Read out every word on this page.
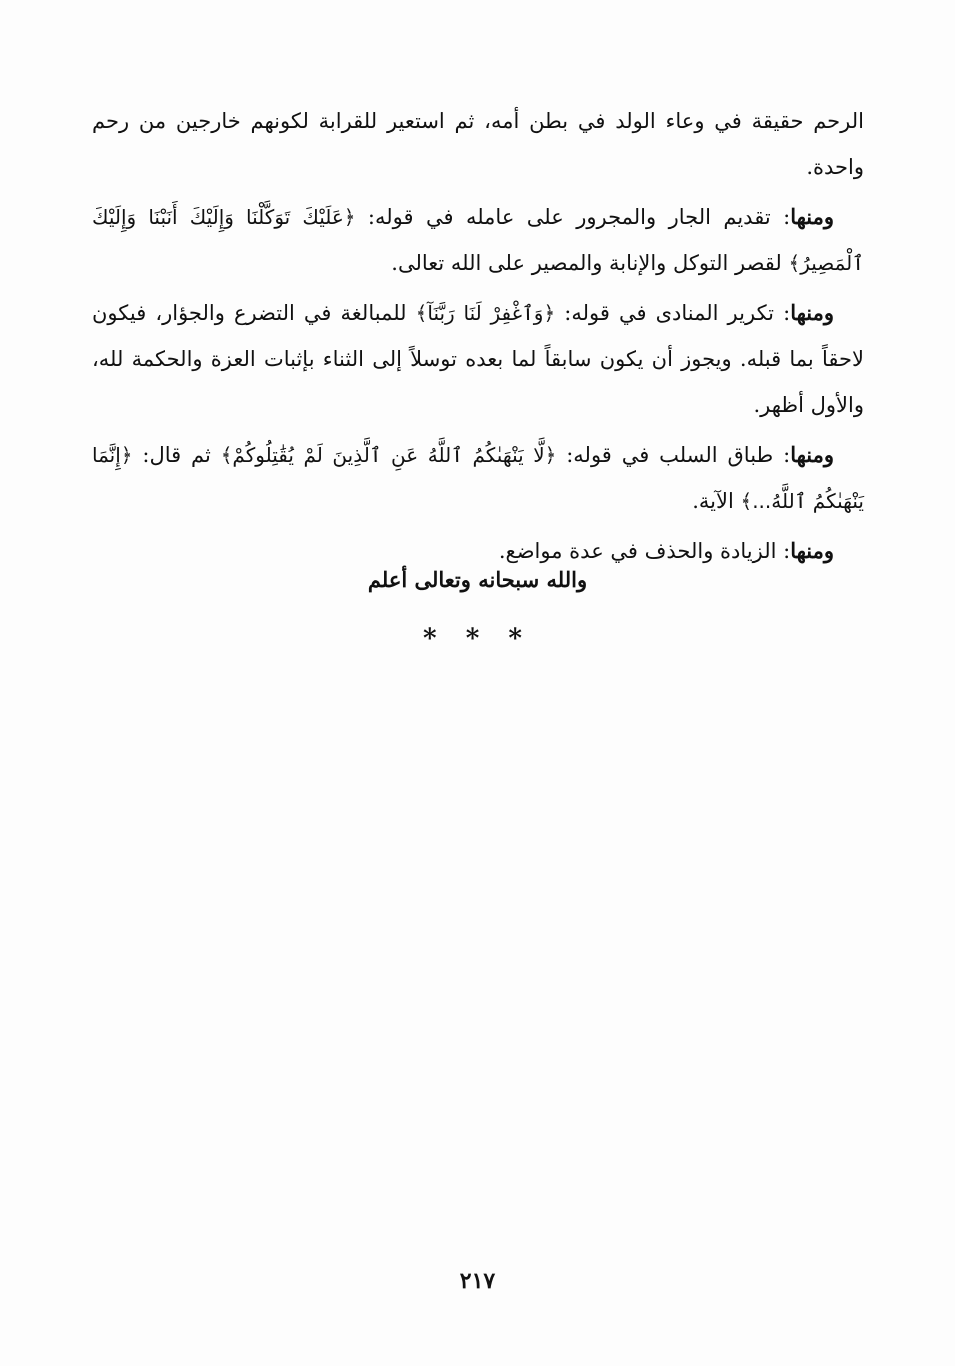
الرحم حقيقة في وعاء الولد في بطن أمه، ثم استعير للقرابة لكونهم خارجين من رحم واحدة.

ومنها: تقديم الجار والمجرور على عامله في قوله: ﴿عَلَيْكَ تَوَكَّلْنَا وَإِلَيْكَ أَنَبْنَا وَإِلَيْكَ ٱلْمَصِيرُ﴾ لقصر التوكل والإنابة والمصير على الله تعالى.

ومنها: تكرير المنادى في قوله: ﴿وَٱغْفِرْ لَنَا رَبَّنَآ﴾ للمبالغة في التضرع والجؤار، فيكون لاحقاً بما قبله. ويجوز أن يكون سابقاً لما بعده توسلاً إلى الثناء بإثبات العزة والحكمة لله، والأول أظهر.

ومنها: طباق السلب في قوله: ﴿لَّا يَنْهَىٰكُمُ ٱللَّهُ عَنِ ٱلَّذِينَ لَمْ يُقَٰتِلُوكُمْ﴾ ثم قال: ﴿إِنَّمَا يَنْهَىٰكُمُ ٱللَّهُ...﴾ الآية.

ومنها: الزيادة والحذف في عدة مواضع.

والله سبحانه وتعالى أعلم
* * *
٢١٧
